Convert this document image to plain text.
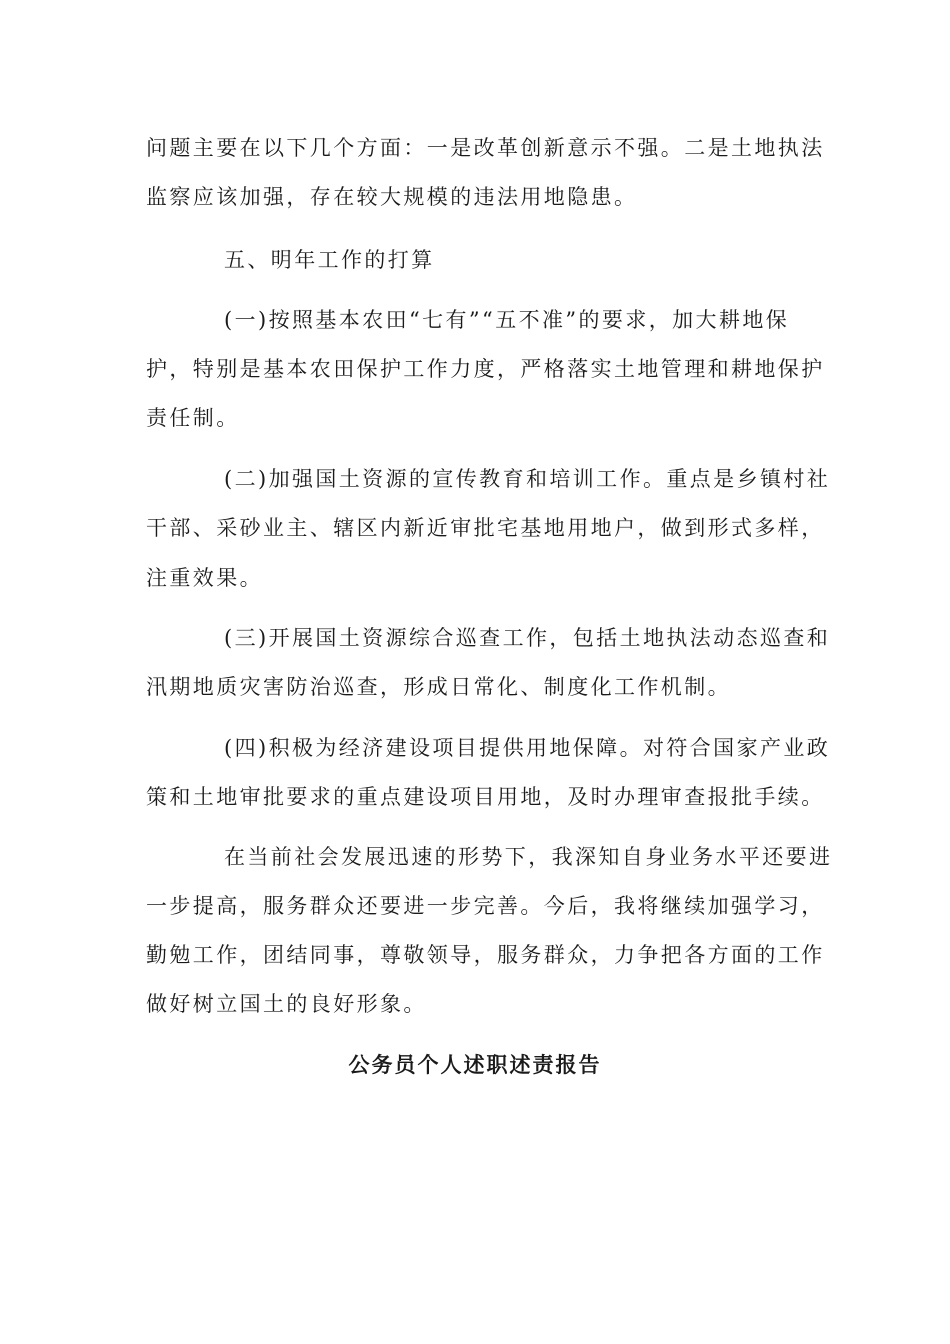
问题主要在以下几个方面：一是改革创新意示不强。二是土地执法
监察应该加强，存在较大规模的违法用地隐患。
五、明年工作的打算
(一)按照基本农田“七有”“五不准”的要求，加大耕地保
护，特别是基本农田保护工作力度，严格落实土地管理和耕地保护
责任制。
(二)加强国土资源的宣传教育和培训工作。重点是乡镇村社
干部、采砂业主、辖区内新近审批宅基地用地户，做到形式多样，
注重效果。
(三)开展国土资源综合巡查工作，包括土地执法动态巡查和
汛期地质灾害防治巡查，形成日常化、制度化工作机制。
(四)积极为经济建设项目提供用地保障。对符合国家产业政
策和土地审批要求的重点建设项目用地，及时办理审查报批手续。
在当前社会发展迅速的形势下，我深知自身业务水平还要进
一步提高，服务群众还要进一步完善。今后，我将继续加强学习，
勤勉工作，团结同事，尊敬领导，服务群众，力争把各方面的工作
做好树立国土的良好形象。
公务员个人述职述责报告
